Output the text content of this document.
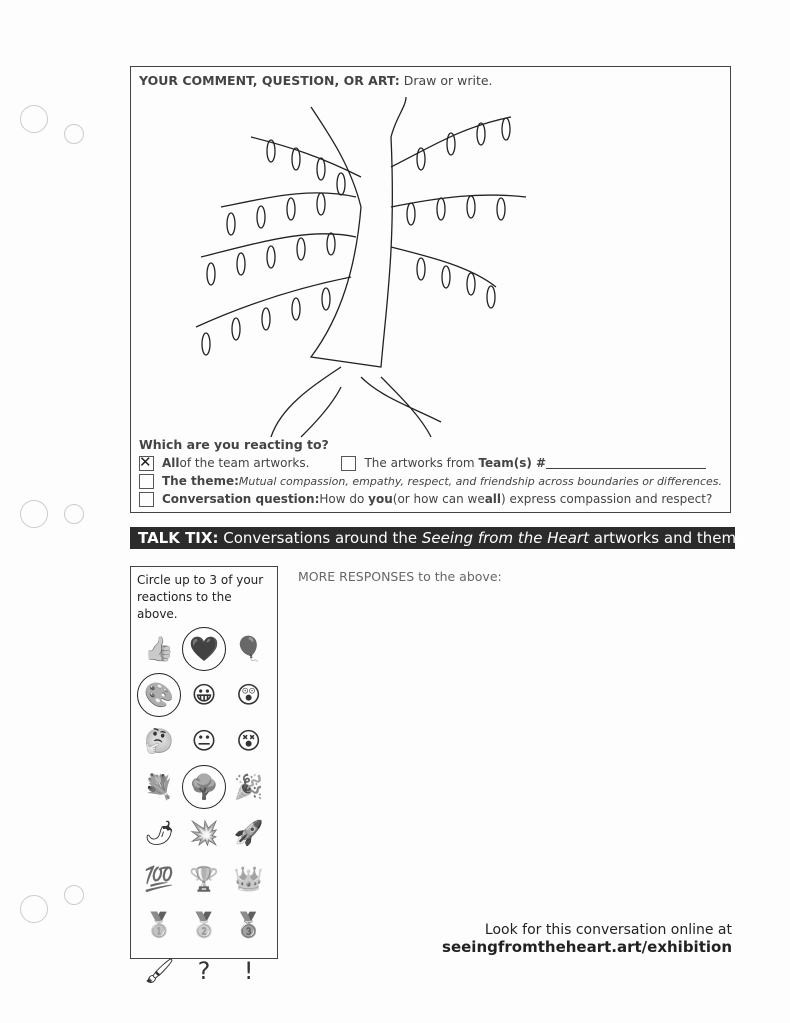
YOUR COMMENT, QUESTION, OR ART: Draw or write.
Which are you reacting to?
✕
All of the team artworks.	The artworks from
Team(s) #
The theme: Mutual compassion, empathy, respect, and friendship across boundaries or differences.
Conversation question: How do
you (or how can we all ) express compassion and respect?
TALK TIX: Conversations around the Seeing from the Heart artworks and theme
Circle up to 3 of your reactions to the above.
👍 🖤 🎈
🎨 😀 😲
🤔 😐 😵
💐 🌳 🎉
🌶 💥 🚀
💯 🏆 👑
🥇 🥈 🥉
🖌 ?	!
MORE RESPONSES to the above:
Look for this conversation online at
seeingfromtheheart.art/exhibition
